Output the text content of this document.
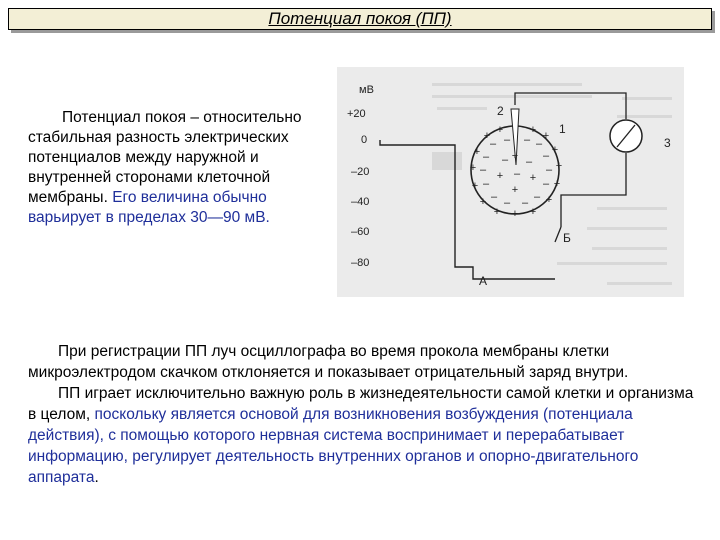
Потенциал покоя (ПП)
Потенциал покоя – относительно стабильная разность электрических потенциалов между наружной и внутренней сторонами клеточной мембраны. Его величина обычно варьирует в пределах 30—90 мВ.
мВ
+20
0
–20
–40
–60
–80
+ + + +
+	+
+	+
+	+
+	+
+ + +
– – – –
–	–
–	–
–	–
–	–
– –
– + –
+ – +
+
2
1
3
Б
А

При регистрации ПП луч осциллографа во время прокола мембраны клетки микроэлектродом скачком отклоняется и показывает отрицательный заряд внутри.

ПП играет исключительно важную роль в жизнедеятельности самой клетки и организма в целом, поскольку является основой для возникновения возбуждения (потенциала действия), с помощью которого нервная система воспринимает и перерабатывает информацию, регулирует деятельность внутренних органов и опорно-двигательного аппарата.
